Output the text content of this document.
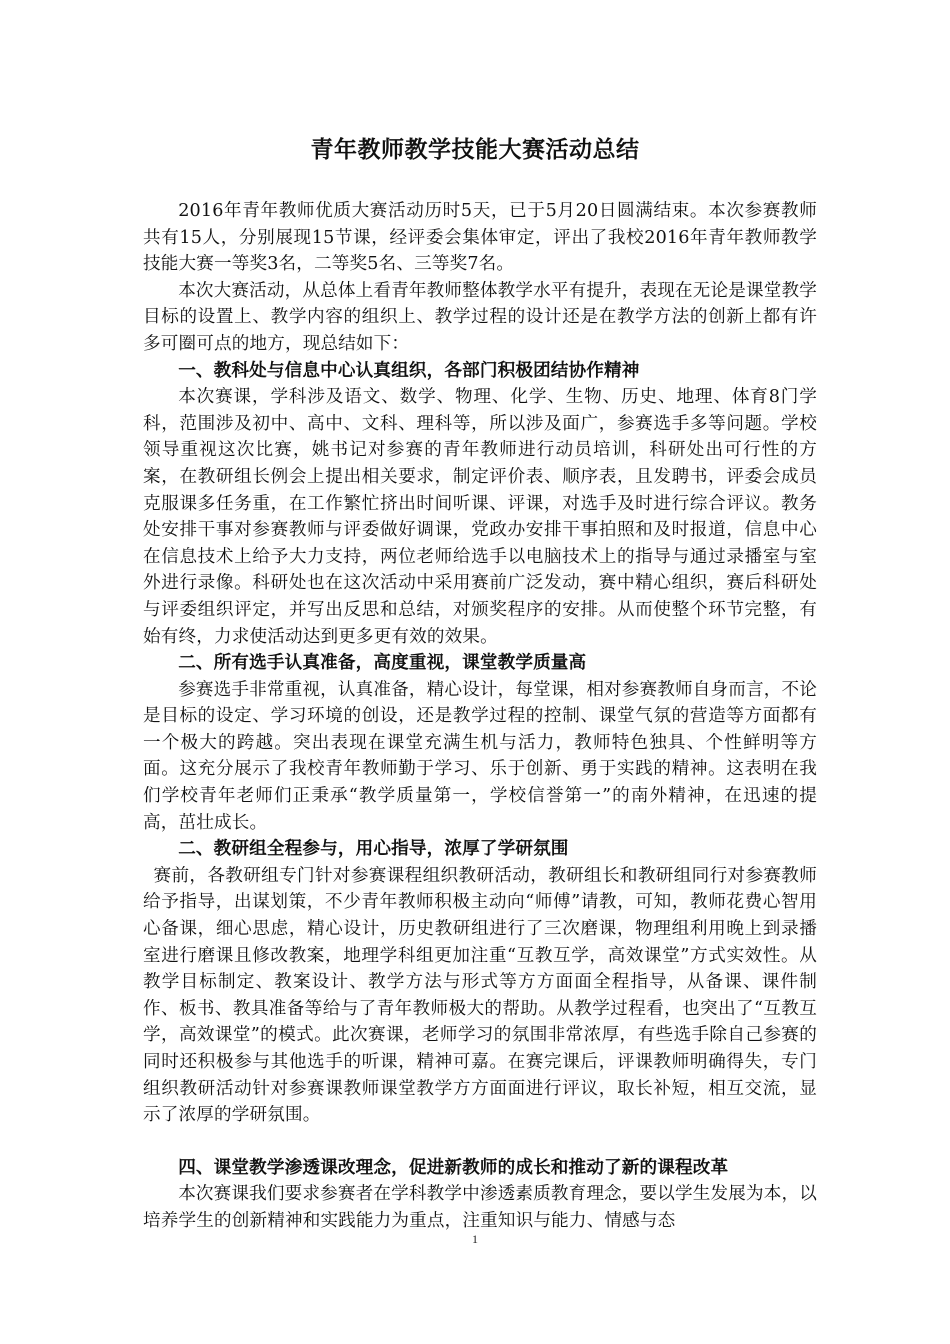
青年教师教学技能大赛活动总结

2016年青年教师优质大赛活动历时5天，已于5月20日圆满结束。本次参赛教师共有15人，分别展现15节课，经评委会集体审定，评出了我校2016年青年教师教学技能大赛一等奖3名，二等奖5名、三等奖7名。

本次大赛活动，从总体上看青年教师整体教学水平有提升，表现在无论是课堂教学目标的设置上、教学内容的组织上、教学过程的设计还是在教学方法的创新上都有许多可圈可点的地方，现总结如下：

一、教科处与信息中心认真组织，各部门积极团结协作精神

本次赛课，学科涉及语文、数学、物理、化学、生物、历史、地理、体育8门学科，范围涉及初中、高中、文科、理科等，所以涉及面广，参赛选手多等问题。学校领导重视这次比赛，姚书记对参赛的青年教师进行动员培训，科研处出可行性的方案，在教研组长例会上提出相关要求，制定评价表、顺序表，且发聘书，评委会成员克服课多任务重，在工作繁忙挤出时间听课、评课，对选手及时进行综合评议。教务处安排干事对参赛教师与评委做好调课，党政办安排干事拍照和及时报道，信息中心在信息技术上给予大力支持，两位老师给选手以电脑技术上的指导与通过录播室与室外进行录像。科研处也在这次活动中采用赛前广泛发动，赛中精心组织，赛后科研处与评委组织评定，并写出反思和总结，对颁奖程序的安排。从而使整个环节完整，有始有终，力求使活动达到更多更有效的效果。

二、所有选手认真准备，高度重视，课堂教学质量高

参赛选手非常重视，认真准备，精心设计，每堂课，相对参赛教师自身而言，不论是目标的设定、学习环境的创设，还是教学过程的控制、课堂气氛的营造等方面都有一个极大的跨越。突出表现在课堂充满生机与活力，教师特色独具、个性鲜明等方面。这充分展示了我校青年教师勤于学习、乐于创新、勇于实践的精神。这表明在我们学校青年老师们正秉承“教学质量第一，学校信誉第一”的南外精神，在迅速的提高，茁壮成长。

二、教研组全程参与，用心指导，浓厚了学研氛围

赛前，各教研组专门针对参赛课程组织教研活动，教研组长和教研组同行对参赛教师给予指导，出谋划策，不少青年教师积极主动向“师傅”请教，可知，教师花费心智用心备课，细心思虑，精心设计，历史教研组进行了三次磨课，物理组利用晚上到录播室进行磨课且修改教案，地理学科组更加注重“互教互学，高效课堂”方式实效性。从教学目标制定、教案设计、教学方法与形式等方方面面全程指导，从备课、课件制作、板书、教具准备等给与了青年教师极大的帮助。从教学过程看，也突出了“互教互学，高效课堂”的模式。此次赛课，老师学习的氛围非常浓厚，有些选手除自己参赛的同时还积极参与其他选手的听课，精神可嘉。在赛完课后，评课教师明确得失，专门组织教研活动针对参赛课教师课堂教学方方面面进行评议，取长补短，相互交流，显示了浓厚的学研氛围。

四、课堂教学渗透课改理念，促进新教师的成长和推动了新的课程改革

本次赛课我们要求参赛者在学科教学中渗透素质教育理念，要以学生发展为本，以培养学生的创新精神和实践能力为重点，注重知识与能力、情感与态

1
